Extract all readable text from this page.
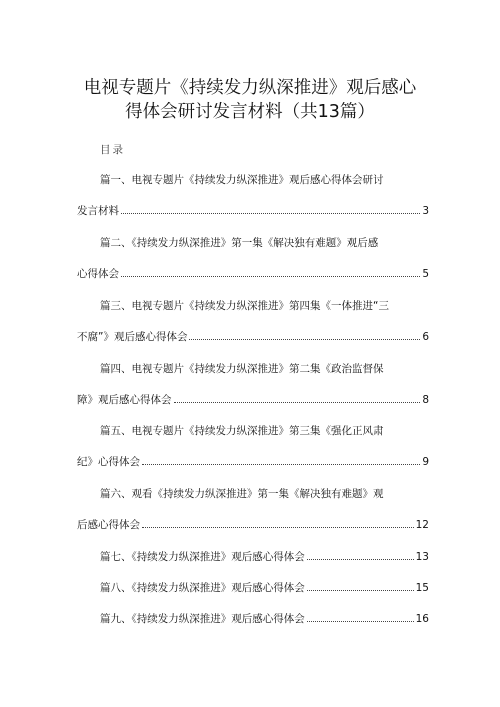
电视专题片《持续发力纵深推进》观后感心
得体会研讨发言材料（共13篇）
目录
篇一、电视专题片《持续发力纵深推进》观后感心得体会研讨
发言材料	3
篇二、《持续发力纵深推进》第一集《解决独有难题》观后感
心得体会	5
篇三、电视专题片《持续发力纵深推进》第四集《一体推进“三
不腐”》观后感心得体会	6
篇四、电视专题片《持续发力纵深推进》第二集《政治监督保
障》观后感心得体会	8
篇五、电视专题片《持续发力纵深推进》第三集《强化正风肃
纪》心得体会	9
篇六、观看《持续发力纵深推进》第一集《解决独有难题》观
后感心得体会	12
篇七、《持续发力纵深推进》观后感心得体会	13
篇八、《持续发力纵深推进》观后感心得体会	15
篇九、《持续发力纵深推进》观后感心得体会	16
